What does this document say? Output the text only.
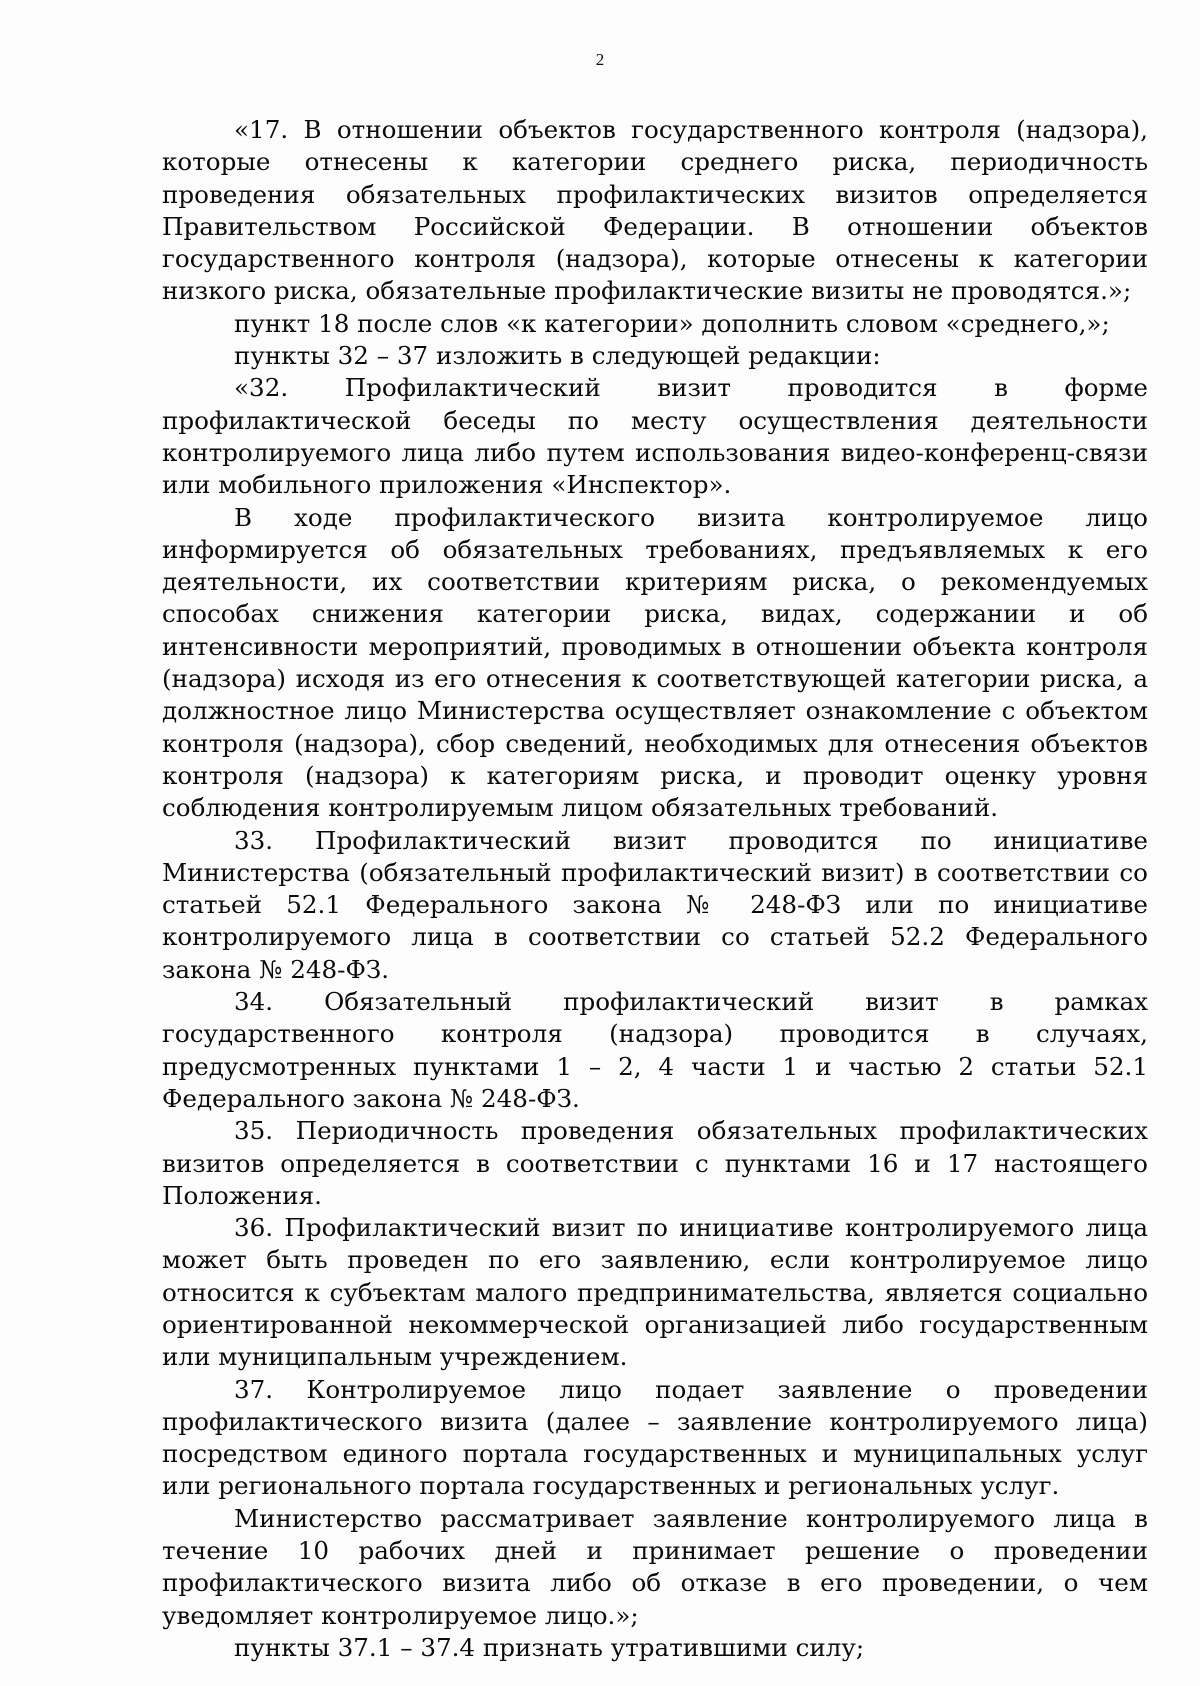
2

«17. В отношении объектов государственного контроля (надзора), которые отнесены к категории среднего риска, периодичность проведения обязательных профилактических визитов определяется Правительством Российской Федерации. В отношении объектов государственного контроля (надзора), которые отнесены к категории низкого риска, обязательные профилактические визиты не проводятся.»;

пункт 18 после слов «к категории» дополнить словом «среднего,»;

пункты 32 – 37 изложить в следующей редакции:

«32. Профилактический визит проводится в форме профилактической беседы по месту осуществления деятельности контролируемого лица либо путем использования видео-конференц-связи или мобильного приложения «Инспектор».

В ходе профилактического визита контролируемое лицо информируется об обязательных требованиях, предъявляемых к его деятельности, их соответствии критериям риска, о рекомендуемых способах снижения категории риска, видах, содержании и об интенсивности мероприятий, проводимых в отношении объекта контроля (надзора) исходя из его отнесения к соответствующей категории риска, а должностное лицо Министерства осуществляет ознакомление с объектом контроля (надзора), сбор сведений, необходимых для отнесения объектов контроля (надзора) к категориям риска, и проводит оценку уровня соблюдения контролируемым лицом обязательных требований.

33. Профилактический визит проводится по инициативе Министерства (обязательный профилактический визит) в соответствии со статьей 52.1 Федерального закона № 248-ФЗ или по инициативе контролируемого лица в соответствии со статьей 52.2 Федерального закона № 248-ФЗ.

34. Обязательный профилактический визит в рамках государственного контроля (надзора) проводится в случаях, предусмотренных пунктами 1 – 2, 4 части 1 и частью 2 статьи 52.1 Федерального закона № 248-ФЗ.

35. Периодичность проведения обязательных профилактических визитов определяется в соответствии с пунктами 16 и 17 настоящего Положения.

36. Профилактический визит по инициативе контролируемого лица может быть проведен по его заявлению, если контролируемое лицо относится к субъектам малого предпринимательства, является социально ориентированной некоммерческой организацией либо государственным или муниципальным учреждением.

37. Контролируемое лицо подает заявление о проведении профилактического визита (далее – заявление контролируемого лица) посредством единого портала государственных и муниципальных услуг или регионального портала государственных и региональных услуг.

Министерство рассматривает заявление контролируемого лица в течение 10 рабочих дней и принимает решение о проведении профилактического визита либо об отказе в его проведении, о чем уведомляет контролируемое лицо.»;

пункты 37.1 – 37.4 признать утратившими силу;
